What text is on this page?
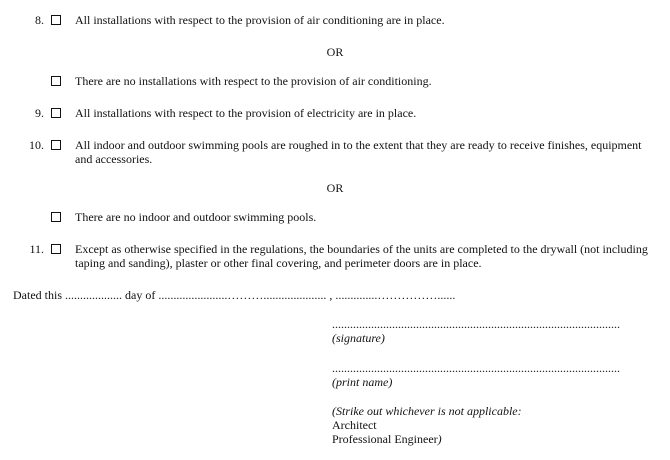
8.	All installations with respect to the provision of air conditioning are in place.
OR
There are no installations with respect to the provision of air conditioning.
9.	All installations with respect to the provision of electricity are in place.
10.	All indoor and outdoor swimming pools are roughed in to the extent that they are ready to receive finishes, equipment and accessories.
OR
There are no indoor and outdoor swimming pools.
11.	Except as otherwise specified in the regulations, the boundaries of the units are completed to the drywall (not including taping and sanding), plaster or other final covering, and perimeter doors are in place.
Dated this ................... day of .......................………..................... , ..............……………......
................................................................................................
(signature)
................................................................................................
(print name)
(Strike out whichever is not applicable:
Architect
Professional Engineer)
